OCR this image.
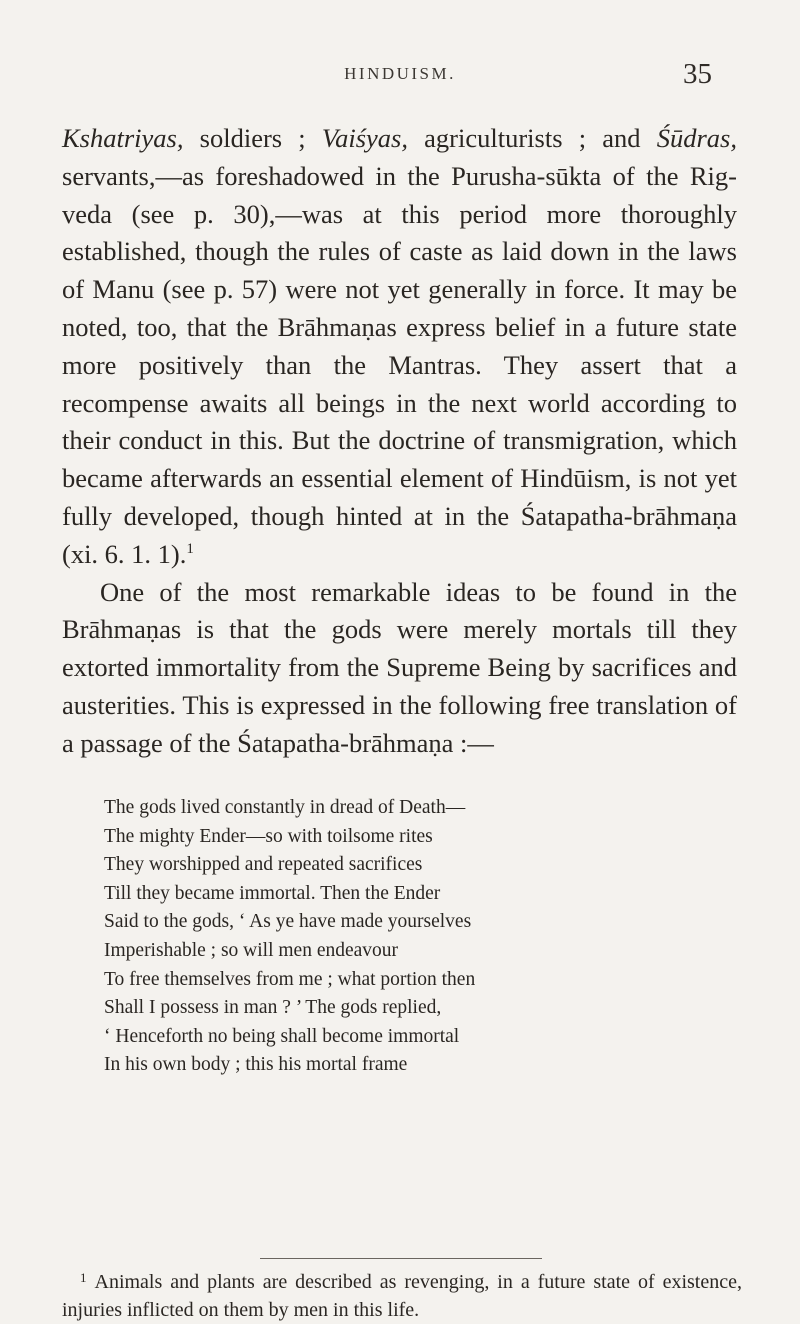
HINDUISM.	35

Kshatriyas, soldiers ; Vaiśyas, agriculturists ; and Śūdras, servants,—as foreshadowed in the Purusha-sūkta of the Rig-veda (see p. 30),—was at this period more thoroughly established, though the rules of caste as laid down in the laws of Manu (see p. 57) were not yet generally in force. It may be noted, too, that the Brāhmaṇas express belief in a future state more positively than the Mantras. They assert that a recompense awaits all beings in the next world according to their conduct in this. But the doctrine of transmigration, which became afterwards an essential element of Hindūism, is not yet fully developed, though hinted at in the Śatapatha-brāhmaṇa (xi. 6. 1. 1).$^1$

One of the most remarkable ideas to be found in the Brāhmaṇas is that the gods were merely mortals till they extorted immortality from the Supreme Being by sacrifices and austerities. This is expressed in the following free translation of a passage of the Śatapatha-brāhmaṇa :—

The gods lived constantly in dread of Death—
The mighty Ender—so with toilsome rites
They worshipped and repeated sacrifices
Till they became immortal. Then the Ender
Said to the gods, ‘ As ye have made yourselves
Imperishable ; so will men endeavour
To free themselves from me ; what portion then
Shall I possess in man ? ’ The gods replied,
‘ Henceforth no being shall become immortal
In his own body ; this his mortal frame
$^1$ Animals and plants are described as revenging, in a future state of existence, injuries inflicted on them by men in this life.
